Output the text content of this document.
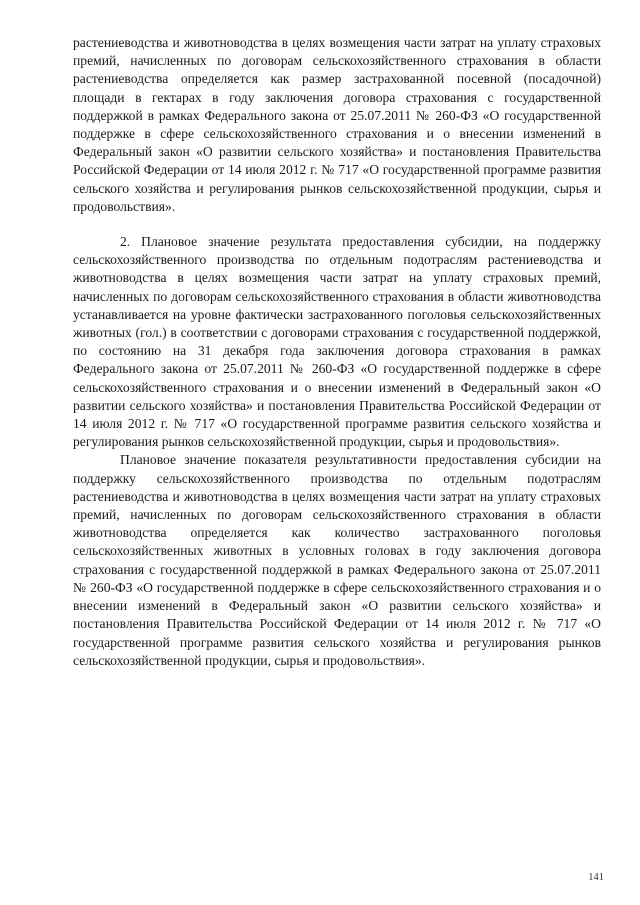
растениеводства и животноводства в целях возмещения части затрат на уплату страховых премий, начисленных по договорам сельскохозяйственного страхования в области растениеводства определяется как размер застрахованной посевной (посадочной) площади в гектарах в году заключения договора страхования с государственной поддержкой в рамках Федерального закона от 25.07.2011 № 260-ФЗ «О государственной поддержке в сфере сельскохозяйственного страхования и о внесении изменений в Федеральный закон «О развитии сельского хозяйства» и постановления Правительства Российской Федерации от 14 июля 2012 г. № 717 «О государственной программе развития сельского хозяйства и регулирования рынков сельскохозяйственной продукции, сырья и продовольствия».

2. Плановое значение результата предоставления субсидии, на поддержку сельскохозяйственного производства по отдельным подотраслям растениеводства и животноводства в целях возмещения части затрат на уплату страховых премий, начисленных по договорам сельскохозяйственного страхования в области животноводства устанавливается на уровне фактически застрахованного поголовья сельскохозяйственных животных (гол.) в соответствии с договорами страхования с государственной поддержкой, по состоянию на 31 декабря года заключения договора страхования в рамках Федерального закона от 25.07.2011 № 260-ФЗ «О государственной поддержке в сфере сельскохозяйственного страхования и о внесении изменений в Федеральный закон «О развитии сельского хозяйства» и постановления Правительства Российской Федерации от 14 июля 2012 г. № 717 «О государственной программе развития сельского хозяйства и регулирования рынков сельскохозяйственной продукции, сырья и продовольствия».

Плановое значение показателя результативности предоставления субсидии на поддержку сельскохозяйственного производства по отдельным подотраслям растениеводства и животноводства в целях возмещения части затрат на уплату страховых премий, начисленных по договорам сельскохозяйственного страхования в области животноводства определяется как количество застрахованного поголовья сельскохозяйственных животных в условных головах в году заключения договора страхования с государственной поддержкой в рамках Федерального закона от 25.07.2011 № 260-ФЗ «О государственной поддержке в сфере сельскохозяйственного страхования и о внесении изменений в Федеральный закон «О развитии сельского хозяйства» и постановления Правительства Российской Федерации от 14 июля 2012 г. № 717 «О государственной программе развития сельского хозяйства и регулирования рынков сельскохозяйственной продукции, сырья и продовольствия».

141
